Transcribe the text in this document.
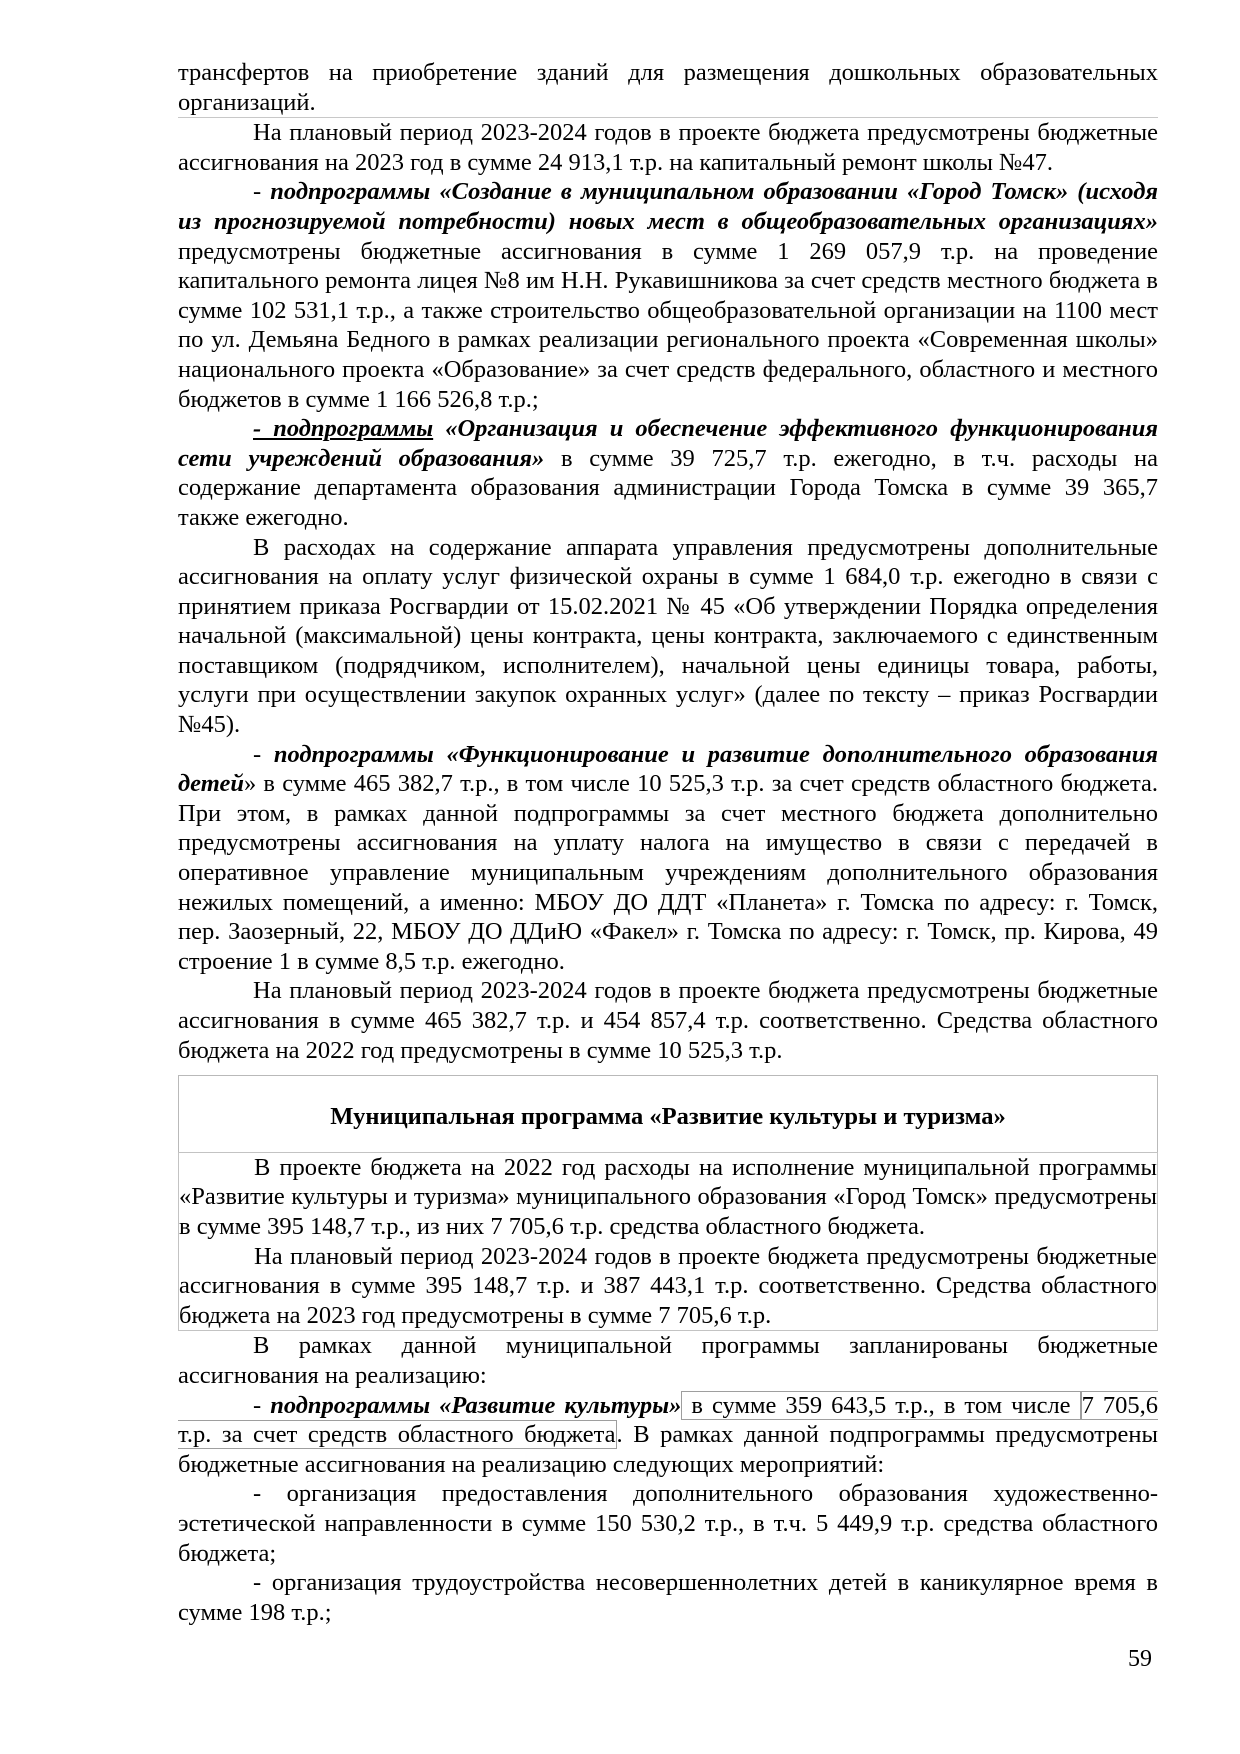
трансфертов на приобретение зданий для размещения дошкольных образовательных организаций.

На плановый период 2023-2024 годов в проекте бюджета предусмотрены бюджетные ассигнования на 2023 год в сумме 24 913,1 т.р. на капитальный ремонт школы №47.

- подпрограммы «Создание в муниципальном образовании «Город Томск» (исходя из прогнозируемой потребности) новых мест в общеобразовательных организациях» предусмотрены бюджетные ассигнования в сумме 1 269 057,9 т.р. на проведение капитального ремонта лицея №8 им Н.Н. Рукавишникова за счет средств местного бюджета в сумме 102 531,1 т.р., а также строительство общеобразовательной организации на 1100 мест по ул. Демьяна Бедного в рамках реализации регионального проекта «Современная школы» национального проекта «Образование» за счет средств федерального, областного и местного бюджетов в сумме 1 166 526,8 т.р.;

- подпрограммы «Организация и обеспечение эффективного функционирования сети учреждений образования» в сумме 39 725,7 т.р. ежегодно, в т.ч. расходы на содержание департамента образования администрации Города Томска в сумме 39 365,7 также ежегодно.

В расходах на содержание аппарата управления предусмотрены дополнительные ассигнования на оплату услуг физической охраны в сумме 1 684,0 т.р. ежегодно в связи с принятием приказа Росгвардии от 15.02.2021 № 45 «Об утверждении Порядка определения начальной (максимальной) цены контракта, цены контракта, заключаемого с единственным поставщиком (подрядчиком, исполнителем), начальной цены единицы товара, работы, услуги при осуществлении закупок охранных услуг» (далее по тексту – приказ Росгвардии №45).

- подпрограммы «Функционирование и развитие дополнительного образования детей» в сумме 465 382,7 т.р., в том числе 10 525,3 т.р. за счет средств областного бюджета. При этом, в рамках данной подпрограммы за счет местного бюджета дополнительно предусмотрены ассигнования на уплату налога на имущество в связи с передачей в оперативное управление муниципальным учреждениям дополнительного образования нежилых помещений, а именно: МБОУ ДО ДДТ «Планета» г. Томска по адресу: г. Томск, пер. Заозерный, 22, МБОУ ДО ДДиЮ «Факел» г. Томска по адресу: г. Томск, пр. Кирова, 49 строение 1 в сумме 8,5 т.р. ежегодно.

На плановый период 2023-2024 годов в проекте бюджета предусмотрены бюджетные ассигнования в сумме 465 382,7 т.р. и 454 857,4 т.р. соответственно. Средства областного бюджета на 2022 год предусмотрены в сумме 10 525,3 т.р.

Муниципальная программа «Развитие культуры и туризма»

В проекте бюджета на 2022 год расходы на исполнение муниципальной программы «Развитие культуры и туризма» муниципального образования «Город Томск» предусмотрены в сумме 395 148,7 т.р., из них 7 705,6 т.р. средства областного бюджета.

На плановый период 2023-2024 годов в проекте бюджета предусмотрены бюджетные ассигнования в сумме 395 148,7 т.р. и 387 443,1 т.р. соответственно. Средства областного бюджета на 2023 год предусмотрены в сумме 7 705,6 т.р.

В рамках данной муниципальной программы запланированы бюджетные ассигнования на реализацию:

- подпрограммы «Развитие культуры» в сумме 359 643,5 т.р., в том числе 7 705,6 т.р. за счет средств областного бюджета. В рамках данной подпрограммы предусмотрены бюджетные ассигнования на реализацию следующих мероприятий:

- организация предоставления дополнительного образования художественно-эстетической направленности в сумме 150 530,2 т.р., в т.ч. 5 449,9 т.р. средства областного бюджета;

- организация трудоустройства несовершеннолетних детей в каникулярное время в сумме 198 т.р.;

59
